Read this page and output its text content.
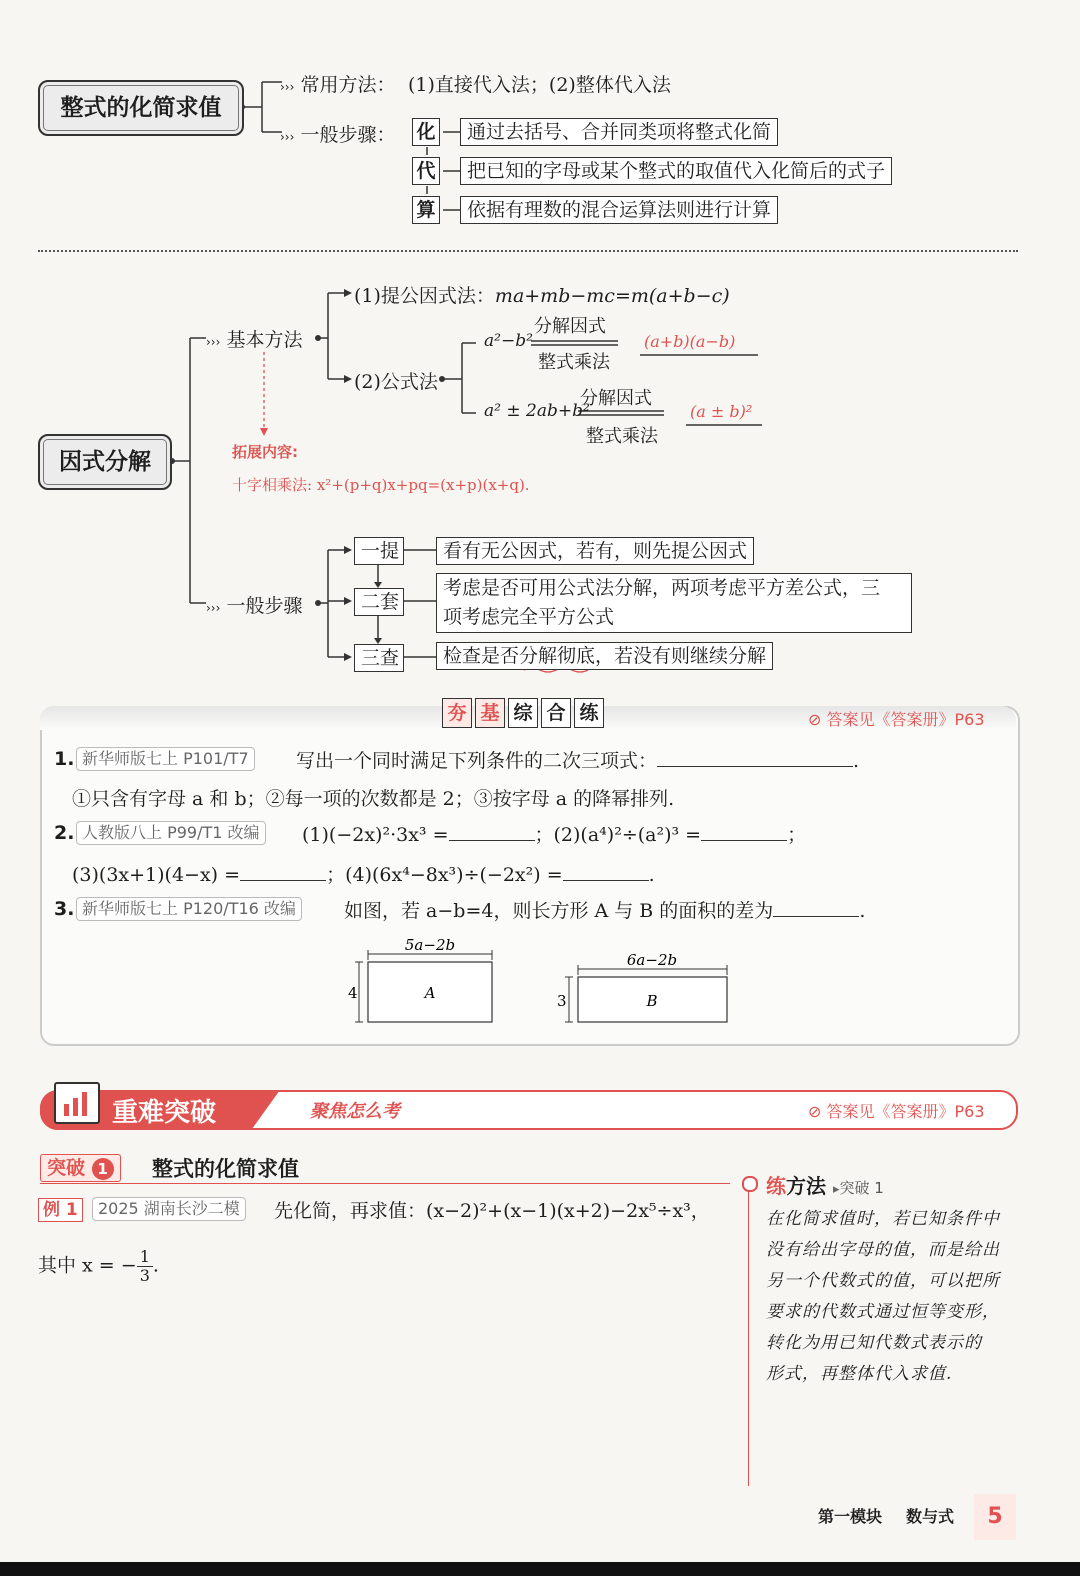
整式的化简求值
››› 常用方法： (1)直接代入法；(2)整体代入法
››› 一般步骤： 化	通过去括号、合并同类项将整式化简
代	把已知的字母或某个整式的取值代入化简后的式子
算	依据有理数的混合运算法则进行计算
因式分解
››› 基本方法
(1)提公因式法：ma+mb−mc=m(a+b−c)
(2)公式法
a²−b²
分解因式
整式乘法
(a+b)(a−b)
a² ± 2ab+b²
分解因式
整式乘法
(a ± b)²
拓展内容:
十字相乘法: x²+(p+q)x+pq=(x+p)(x+q).
››› 一般步骤
一提	看有无公因式，若有，则先提公因式
二套
考虑是否可用公式法分解，两项考虑平方差公式，三
项考虑完全平方公式
三查	检查是否分解彻底，若没有则继续分解
夯 基 综 合 练	⊘ 答案见《答案册》P63
1. 新华师版七上 P101/T7	写出一个同时满足下列条件的二次三项式：	.
①只含有字母 a 和 b；②每一项的次数都是 2；③按字母 a 的降幂排列.
2. 人教版八上 P99/T1 改编	(1)(−2x)²·3x³ =	；(2)(a⁴)²÷(a²)³ =	；
(3)(3x+1)(4−x) =	；(4)(6x⁴−8x³)÷(−2x²) =	.
3. 新华师版七上 P120/T16 改编	如图，若 a−b=4，则长方形 A 与 B 的面积的差为	.
5a−2b
4	A
6a−2b
3	B
重难突破	聚焦怎么考	⊘ 答案见《答案册》P63
突破 1	整式的化简求值
例 1	2025 湖南长沙二模	先化简，再求值：(x−2)²+(x−1)(x+2)−2x⁵÷x³，
其中 x = − $\frac{1}{3}$ .
练方法 ▸突破 1
在化简求值时，若已知条件中
没有给出字母的值，而是给出
另一个代数式的值，可以把所
要求的代数式通过恒等变形，
转化为用已知代数式表示的
形式，再整体代入求值.
第一模块 数与式	5
